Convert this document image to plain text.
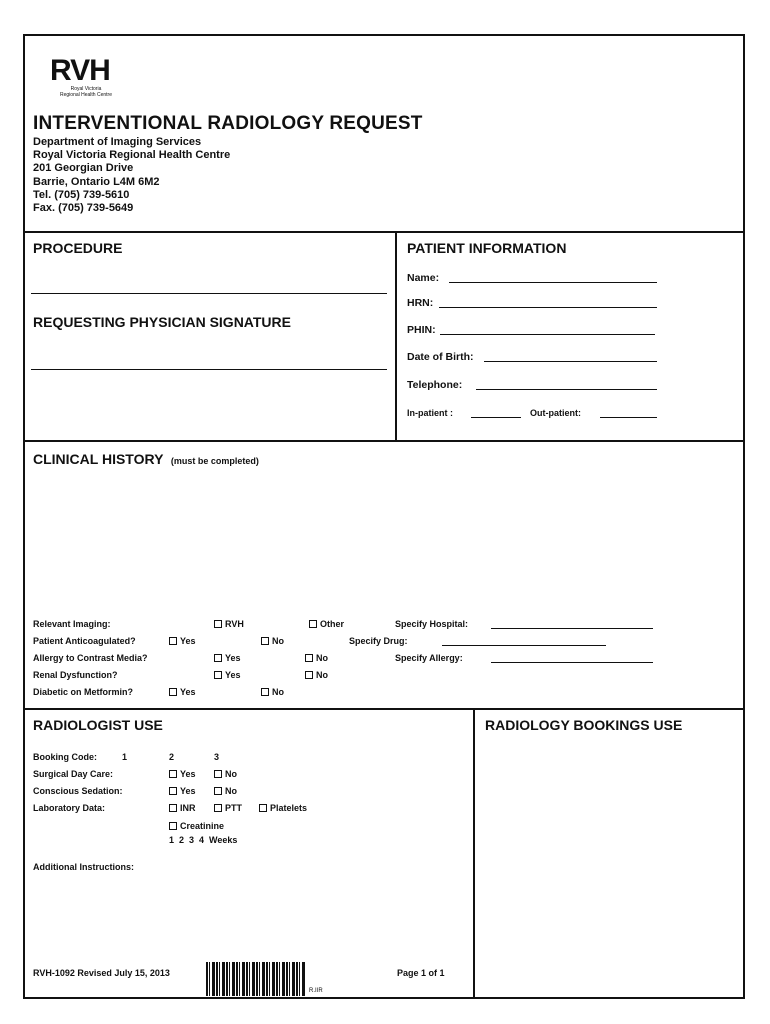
RVH
Royal Victoria
Regional Health Centre
INTERVENTIONAL RADIOLOGY REQUEST
Department of Imaging Services
Royal Victoria Regional Health Centre
201 Georgian Drive
Barrie, Ontario L4M 6M2
Tel. (705) 739-5610
Fax. (705) 739-5649
PROCEDURE
REQUESTING PHYSICIAN SIGNATURE
PATIENT INFORMATION
Name:
HRN:
PHIN:
Date of Birth:
Telephone:
In-patient :	Out-patient:
CLINICAL HISTORY (must be completed)
Relevant Imaging:	RVH	Other	Specify Hospital:
Patient Anticoagulated?	Yes	No	Specify Drug:
Allergy to Contrast Media?	Yes	No	Specify Allergy:
Renal Dysfunction?	Yes	No
Diabetic on Metformin?	Yes	No
RADIOLOGIST USE
Booking Code:	1	2	3
Surgical Day Care:	Yes	No
Conscious Sedation:	Yes	No
Laboratory Data:	INR	PTT	Platelets
Creatinine
1  2  3  4  Weeks
Additional Instructions:
RADIOLOGY BOOKINGS USE
RVH-1092 Revised July 15, 2013
R.IIR
Page 1 of 1
